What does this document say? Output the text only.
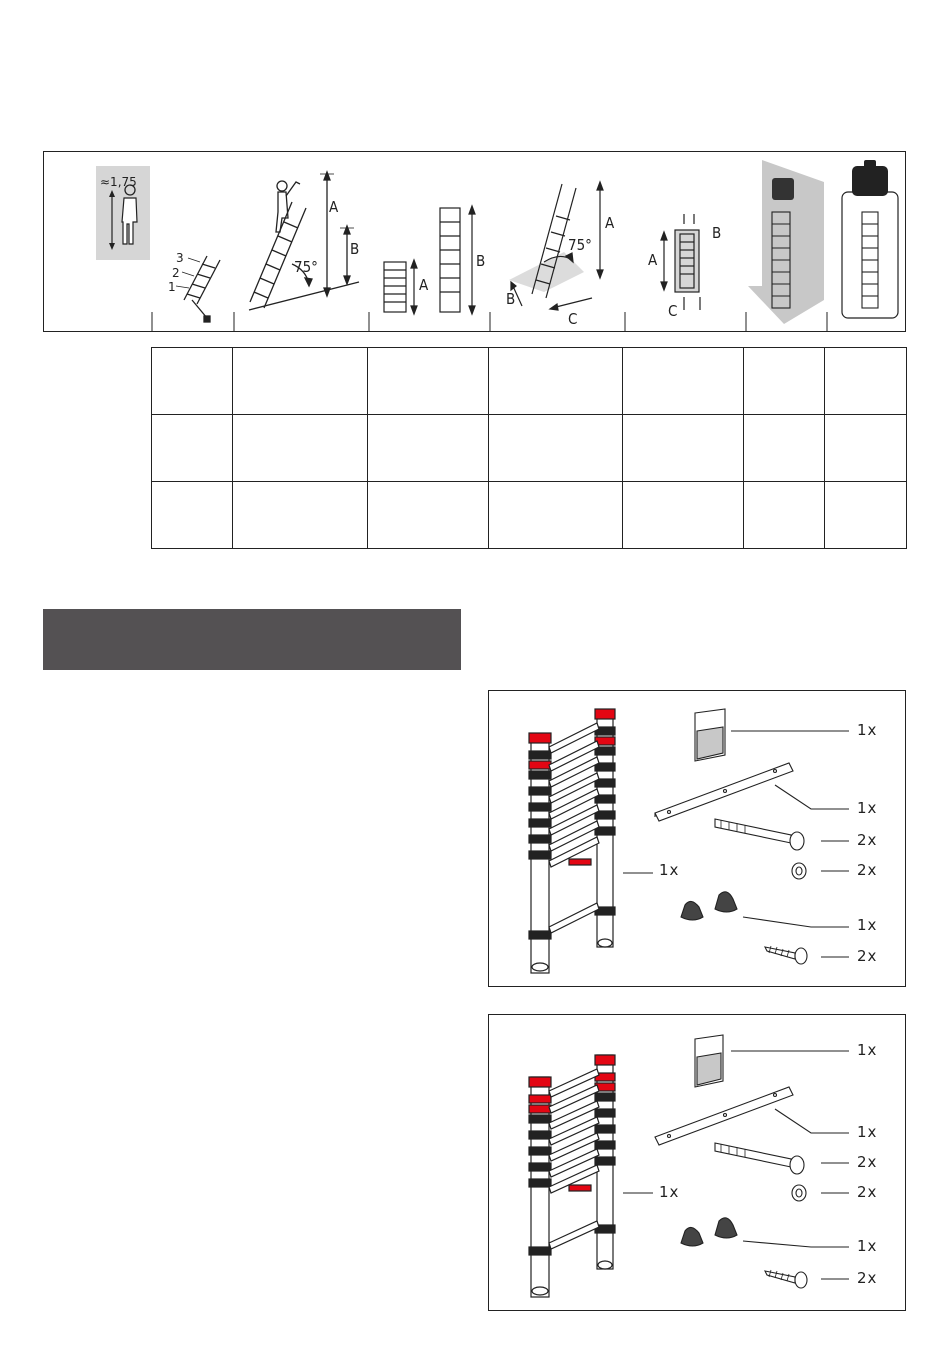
≈1,75
1
2
3
A
B
75°
A
B
A
B
C
75°
A
B
C

1x
1x
1x
2x
2x
1x
2x
1x
1x
1x
2x
2x
1x
2x
